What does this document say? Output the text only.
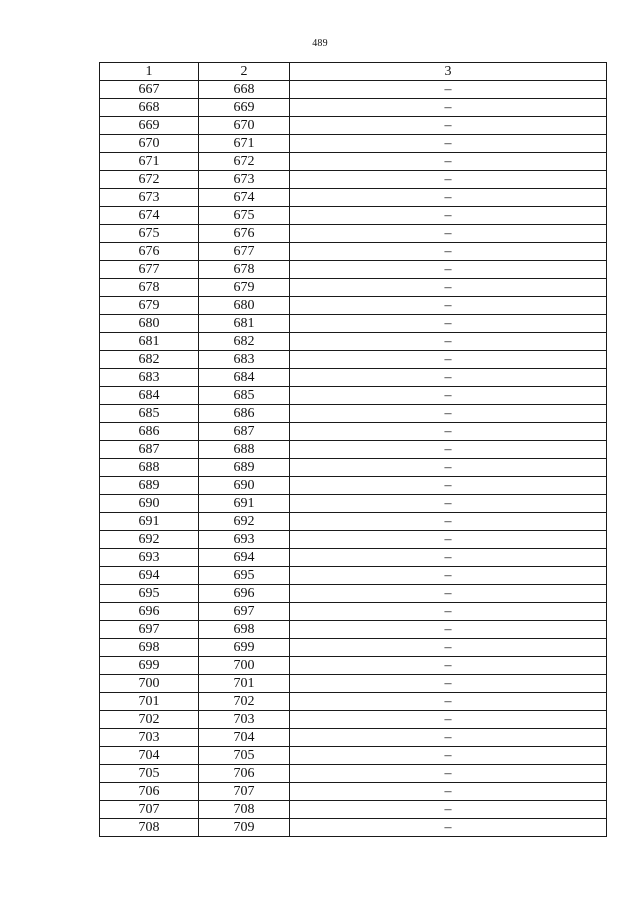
489
1	2	3
667	668	–
668	669	–
669	670	–
670	671	–
671	672	–
672	673	–
673	674	–
674	675	–
675	676	–
676	677	–
677	678	–
678	679	–
679	680	–
680	681	–
681	682	–
682	683	–
683	684	–
684	685	–
685	686	–
686	687	–
687	688	–
688	689	–
689	690	–
690	691	–
691	692	–
692	693	–
693	694	–
694	695	–
695	696	–
696	697	–
697	698	–
698	699	–
699	700	–
700	701	–
701	702	–
702	703	–
703	704	–
704	705	–
705	706	–
706	707	–
707	708	–
708	709	–
